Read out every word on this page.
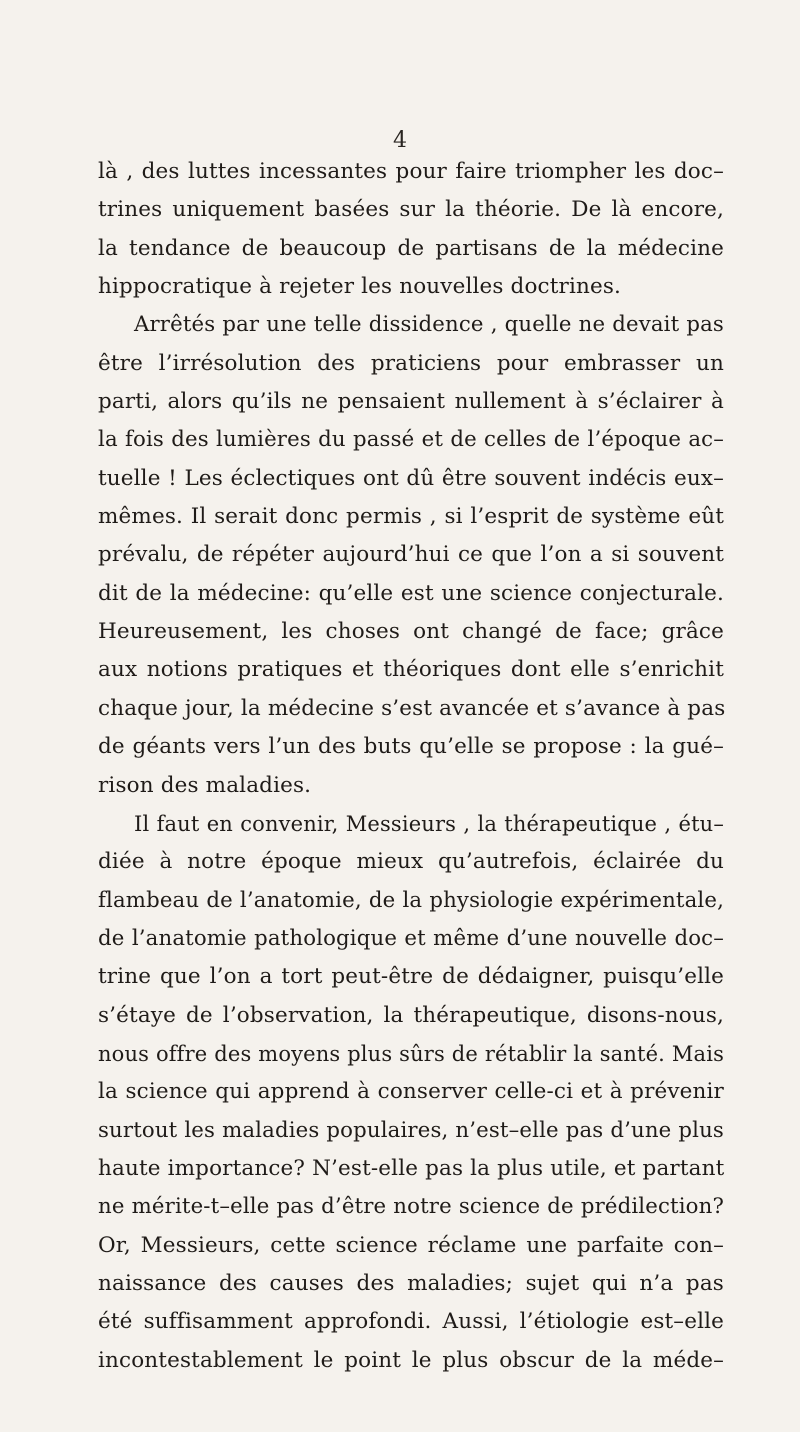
4
là , des luttes incessantes pour faire triompher les doc–
trines uniquement basées sur la théorie. De là encore,
la tendance de beaucoup de partisans de la médecine
hippocratique à rejeter les nouvelles doctrines.
Arrêtés par une telle dissidence , quelle ne devait pas
être l’irrésolution des praticiens pour embrasser un
parti, alors qu’ils ne pensaient nullement à s’éclairer à
la fois des lumières du passé et de celles de l’époque ac–
tuelle ! Les éclectiques ont dû être souvent indécis eux–
mêmes. Il serait donc permis , si l’esprit de système eût
prévalu, de répéter aujourd’hui ce que l’on a si souvent
dit de la médecine: qu’elle est une science conjecturale.
Heureusement, les choses ont changé de face; grâce
aux notions pratiques et théoriques dont elle s’enrichit
chaque jour, la médecine s’est avancée et s’avance à pas
de géants vers l’un des buts qu’elle se propose : la gué–
rison des maladies.
Il faut en convenir, Messieurs , la thérapeutique , étu–
diée à notre époque mieux qu’autrefois, éclairée du
flambeau de l’anatomie, de la physiologie expérimentale,
de l’anatomie pathologique et même d’une nouvelle doc–
trine que l’on a tort peut-être de dédaigner, puisqu’elle
s’étaye de l’observation, la thérapeutique, disons-nous,
nous offre des moyens plus sûrs de rétablir la santé. Mais
la science qui apprend à conserver celle-ci et à prévenir
surtout les maladies populaires, n’est–elle pas d’une plus
haute importance? N’est-elle pas la plus utile, et partant
ne mérite-t–elle pas d’être notre science de prédilection?
Or, Messieurs, cette science réclame une parfaite con–
naissance des causes des maladies; sujet qui n’a pas
été suffisamment approfondi. Aussi, l’étiologie est–elle
incontestablement le point le plus obscur de la méde–
